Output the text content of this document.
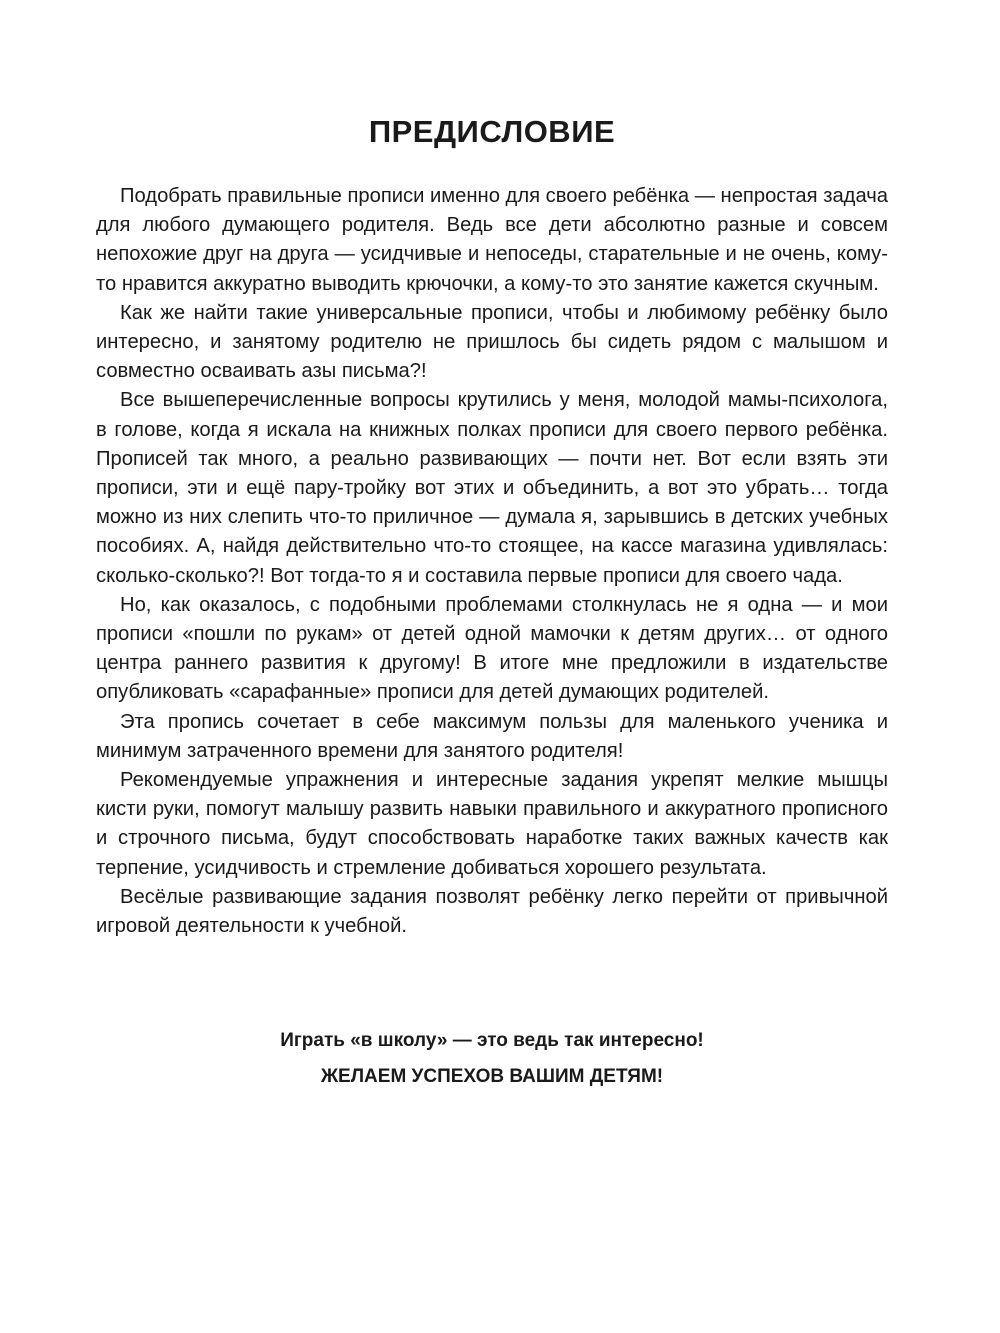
ПРЕДИСЛОВИЕ

Подобрать правильные прописи именно для своего ребёнка — непростая задача для любого думающего родителя. Ведь все дети абсолютно разные и совсем непохожие друг на друга — усидчивые и непоседы, старательные и не очень, кому-то нравится аккуратно выводить крючочки, а кому-то это занятие кажется скучным.

Как же найти такие универсальные прописи, чтобы и любимому ребёнку было интересно, и занятому родителю не пришлось бы сидеть рядом с малышом и совместно осваивать азы письма?!

Все вышеперечисленные вопросы крутились у меня, молодой мамы-психолога, в голове, когда я искала на книжных полках прописи для своего первого ребёнка. Прописей так много, а реально развивающих — почти нет. Вот если взять эти прописи, эти и ещё пару-тройку вот этих и объединить, а вот это убрать… тогда можно из них слепить что-то приличное — думала я, зарывшись в детских учебных пособиях. А, найдя действительно что-то стоящее, на кассе магазина удивлялась: сколько-сколько?! Вот тогда-то я и составила первые прописи для своего чада.

Но, как оказалось, с подобными проблемами столкнулась не я одна — и мои прописи «пошли по рукам» от детей одной мамочки к детям других… от одного центра раннего развития к другому! В итоге мне предложили в издательстве опубликовать «сарафанные» прописи для детей думающих родителей.

Эта пропись сочетает в себе максимум пользы для маленького ученика и минимум затраченного времени для занятого родителя!

Рекомендуемые упражнения и интересные задания укрепят мелкие мышцы кисти руки, помогут малышу развить навыки правильного и аккуратного прописного и строчного письма, будут способствовать наработке таких важных качеств как терпение, усидчивость и стремление добиваться хорошего результата.

Весёлые развивающие задания позволят ребёнку легко перейти от привычной игровой деятельности к учебной.

Играть «в школу» — это ведь так интересно!

ЖЕЛАЕМ УСПЕХОВ ВАШИМ ДЕТЯМ!
